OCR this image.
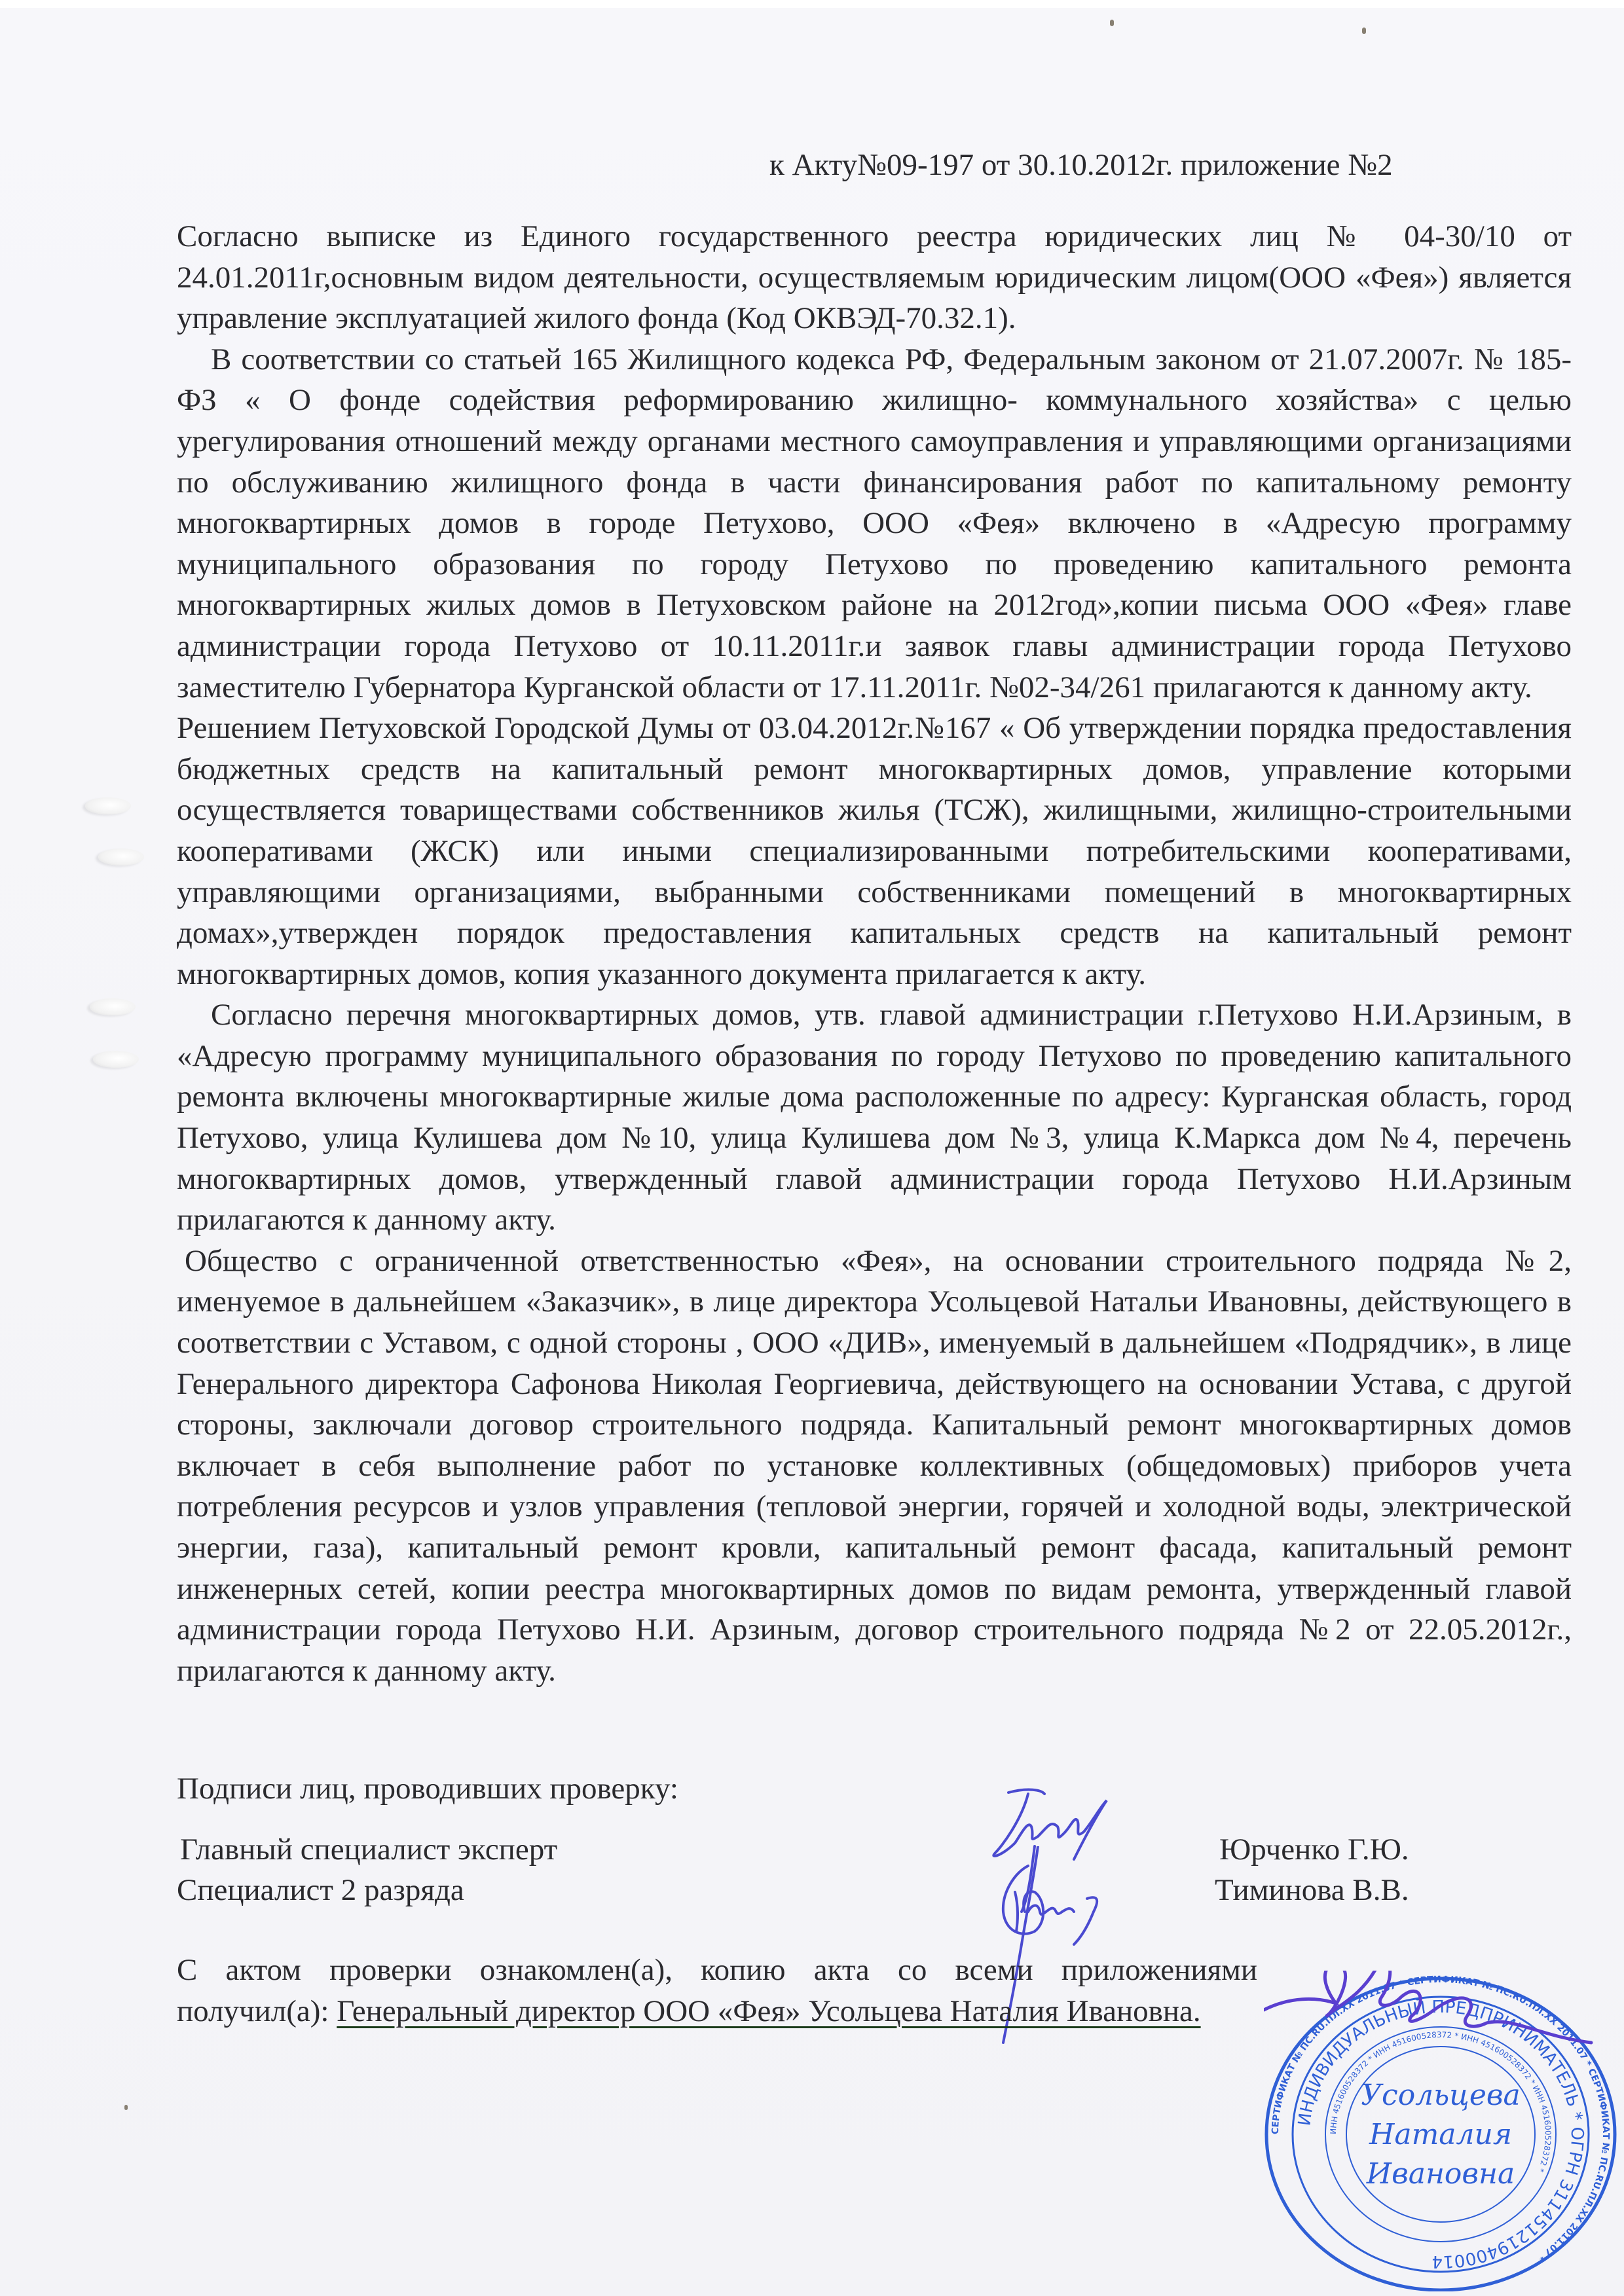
к Акту№09-197 от 30.10.2012г. приложение №2

Согласно выписке из Единого государственного реестра юридических лиц № 04-30/10 от 24.01.2011г,основным видом деятельности, осуществляемым юридическим лицом(ООО «Фея») является управление эксплуатацией жилого фонда (Код ОКВЭД-70.32.1).

В соответствии со статьей 165 Жилищного кодекса РФ, Федеральным законом от 21.07.2007г. № 185-ФЗ « О фонде содействия реформированию жилищно- коммунального хозяйства» с целью урегулирования отношений между органами местного самоуправления и управляющими организациями по обслуживанию жилищного фонда в части финансирования работ по капитальному ремонту многоквартирных домов в городе Петухово, ООО «Фея» включено в «Адресую программу муниципального образования по городу Петухово по проведению капитального ремонта многоквартирных жилых домов в Петуховском районе на 2012год»,копии письма ООО «Фея» главе администрации города Петухово от 10.11.2011г.и заявок главы администрации города Петухово заместителю Губернатора Курганской области от 17.11.2011г. №02-34/261 прилагаются к данному акту.

Решением Петуховской Городской Думы от 03.04.2012г.№167 « Об утверждении порядка предоставления бюджетных средств на капитальный ремонт многоквартирных домов, управление которыми осуществляется товариществами собственников жилья (ТСЖ), жилищными, жилищно-строительными кооперативами (ЖСК) или иными специализированными потребительскими кооперативами, управляющими организациями, выбранными собственниками помещений в многоквартирных домах»,утвержден порядок предоставления капитальных средств на капитальный ремонт многоквартирных домов, копия указанного документа прилагается к акту.

Согласно перечня многоквартирных домов, утв. главой администрации г.Петухово Н.И.Арзиным, в «Адресую программу муниципального образования по городу Петухово по проведению капитального ремонта включены многоквартирные жилые дома расположенные по адресу: Курганская область, город Петухово, улица Кулишева дом №10, улица Кулишева дом №3, улица К.Маркса дом №4, перечень многоквартирных домов, утвержденный главой администрации города Петухово Н.И.Арзиным прилагаются к данному акту.

Общество с ограниченной ответственностью «Фея», на основании строительного подряда №2, именуемое в дальнейшем «Заказчик», в лице директора Усольцевой Натальи Ивановны, действующего в соответствии с Уставом, с одной стороны , ООО «ДИВ», именуемый в дальнейшем «Подрядчик», в лице Генерального директора Сафонова Николая Георгиевича, действующего на основании Устава, с другой стороны, заключали договор строительного подряда. Капитальный ремонт многоквартирных домов включает в себя выполнение работ по установке коллективных (общедомовых) приборов учета потребления ресурсов и узлов управления (тепловой энергии, горячей и холодной воды, электрической энергии, газа), капитальный ремонт кровли, капитальный ремонт фасада, капитальный ремонт инженерных сетей, копии реестра многоквартирных домов по видам ремонта, утвержденный главой администрации города Петухово Н.И. Арзиным, договор строительного подряда №2 от 22.05.2012г., прилагаются к данному акту.

Подписи лиц, проводивших проверку:
Главный специалист эксперт	Юрченко Г.Ю.
Специалист 2 разряда	Тиминова В.В.
С актом проверки ознакомлен(а), копию акта со всеми приложениями
получил(а): Генеральный директор ООО «Фея» Усольцева Наталия Ивановна.
СЕРТИФИКАТ № ПС.RU.ПЛ.ХХ 2011.07 * СЕРТИФИКАТ № ПС.RU.ПЛ.ХХ 2011.07 * СЕРТИФИКАТ № ПС.RU.ПЛ.ХХ 2011.07 *
ИНДИВИДУАЛЬНЫЙ ПРЕДПРИНИМАТЕЛЬ * ОГРН 311451219400014
ИНН 451600528372 * ИНН 451600528372 * ИНН 451600528372 * ИНН 451600528372 *
Усольцева
Наталия
Ивановна
